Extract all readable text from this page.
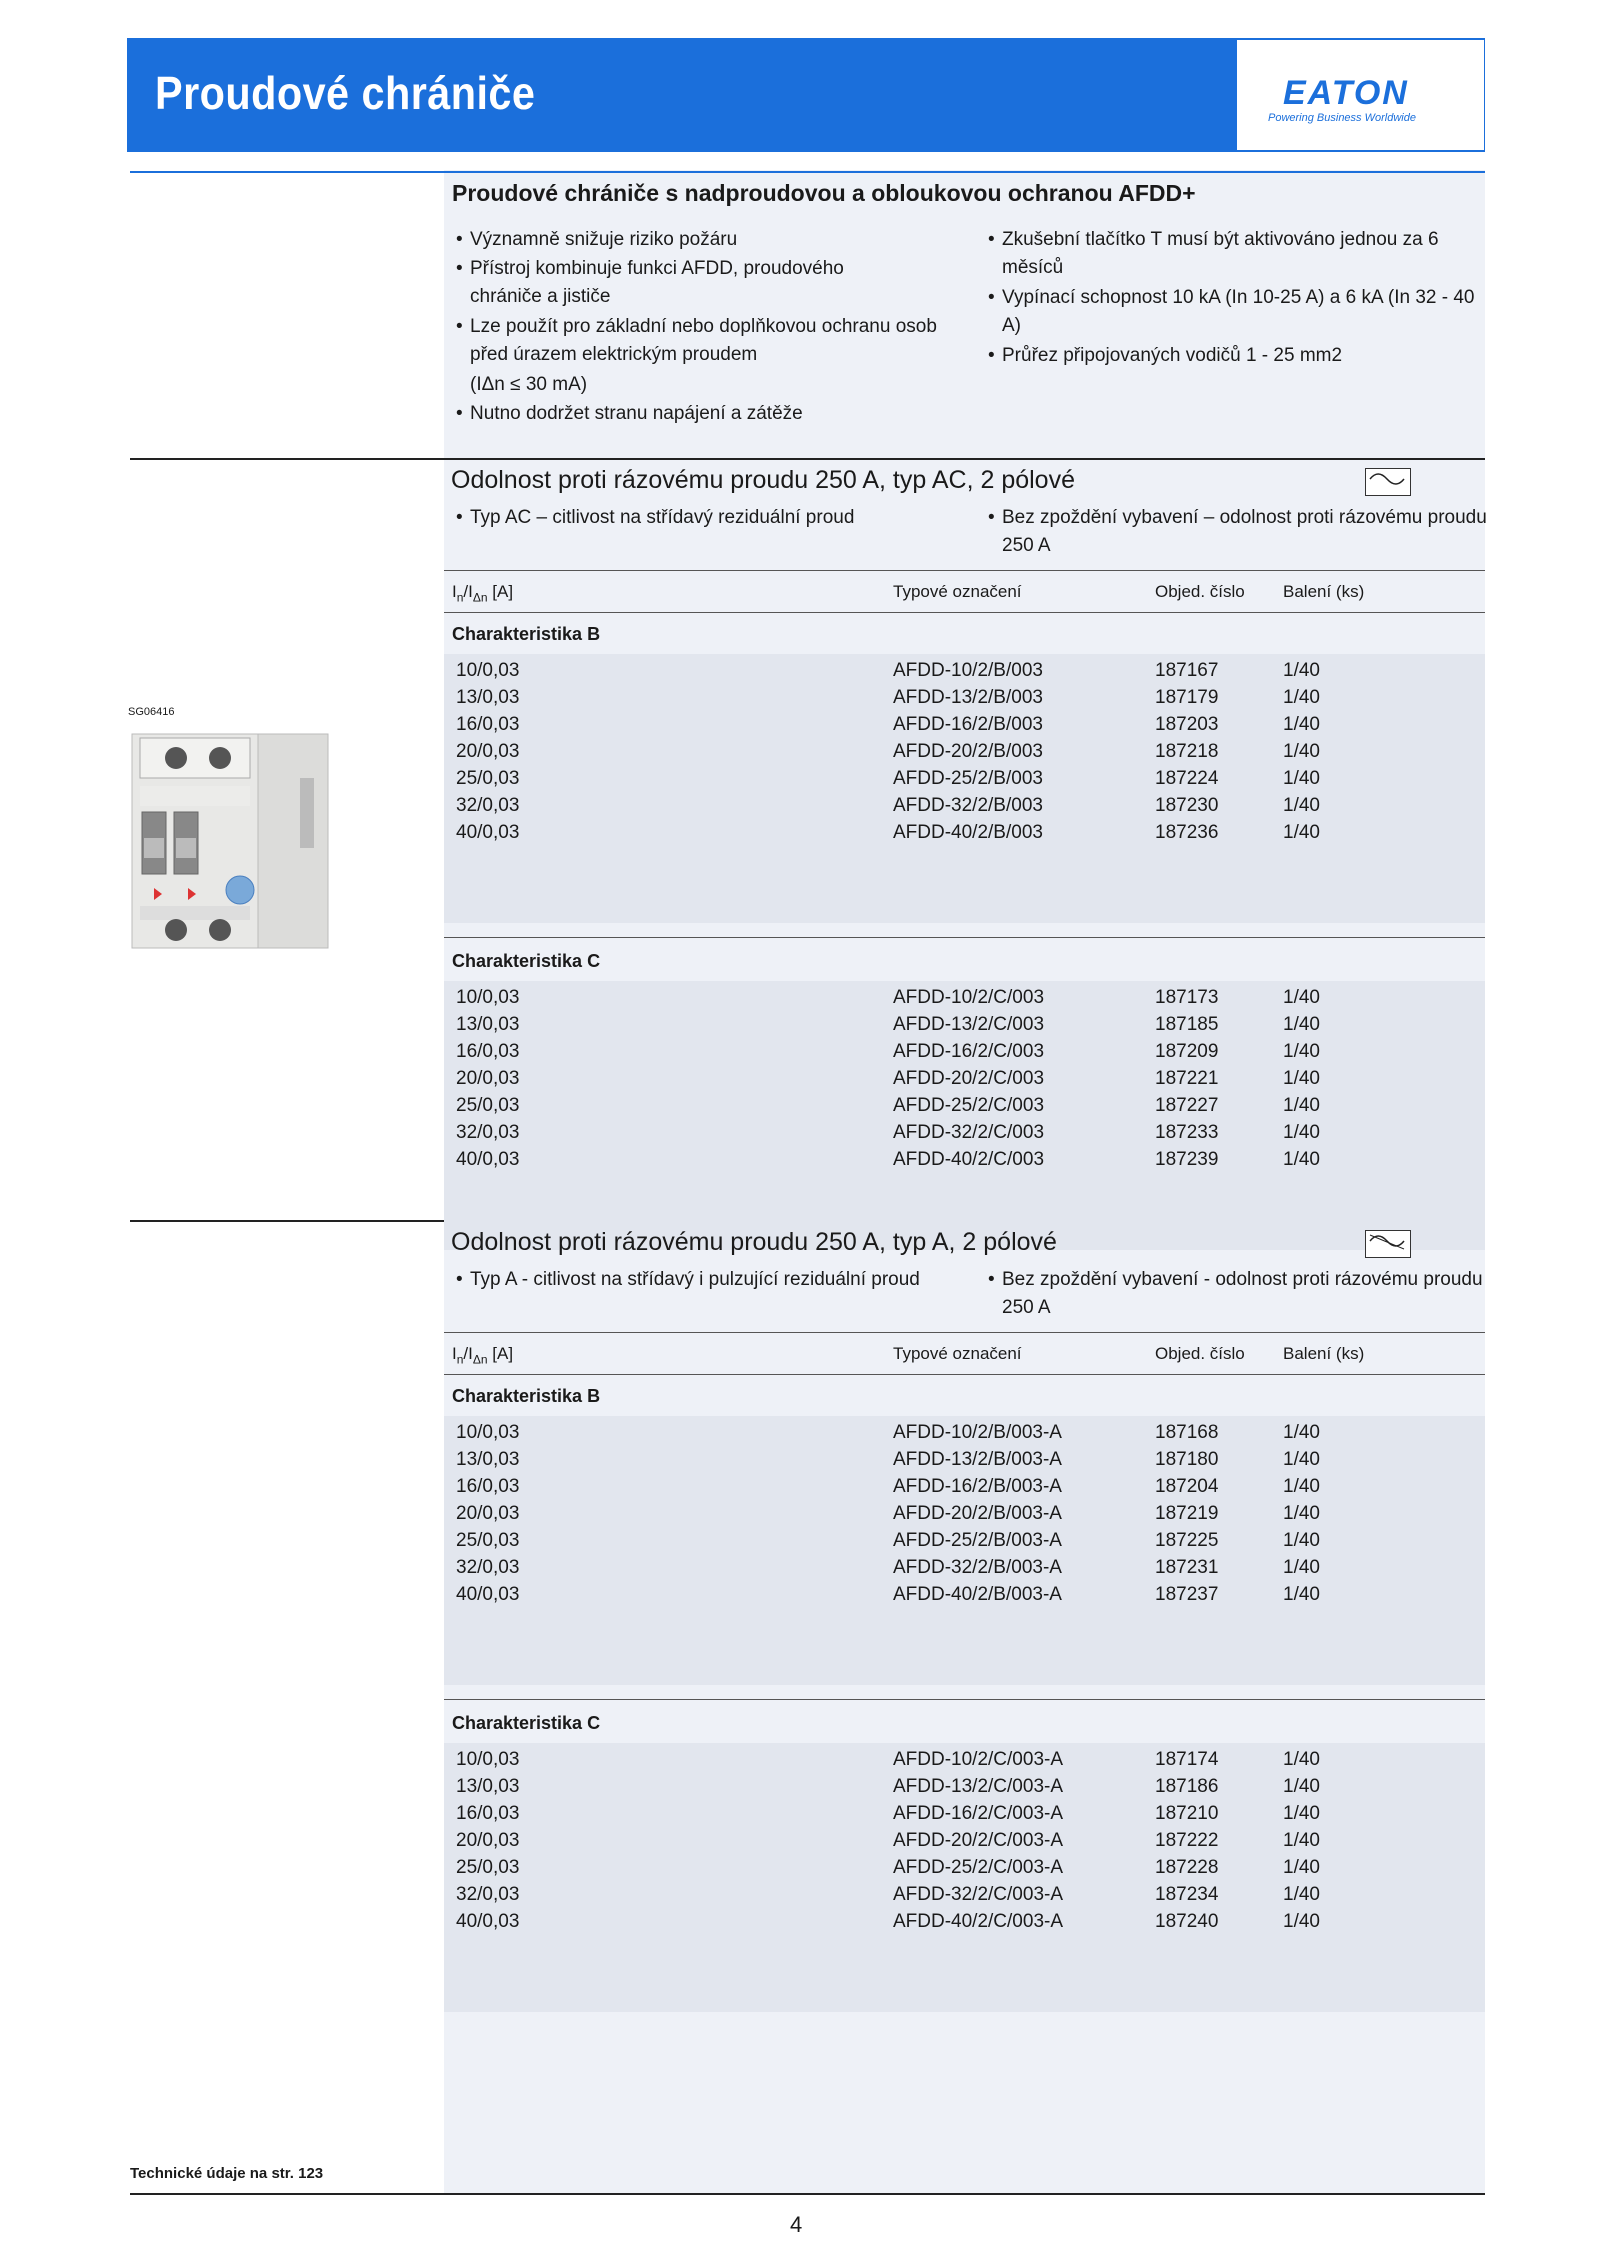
Proudové chrániče	EATON
Powering Business Worldwide
Proudové chrániče s nadproudovou a obloukovou ochranou AFDD+
• Významně snižuje riziko požáru
• Přístroj kombinuje funkci AFDD, proudového chrániče a jističe
• Lze použít pro základní nebo doplňkovou ochranu osob před úrazem elektrickým proudem
(IΔn ≤ 30 mA)
• Nutno dodržet stranu napájení a zátěže
• Zkušební tlačítko T musí být aktivováno jednou za 6 měsíců
• Vypínací schopnost 10 kA (In 10-25 A) a 6 kA (In 32 - 40 A)
• Průřez připojovaných vodičů 1 - 25 mm2
SG06416
Odolnost proti rázovému proudu 250 A, typ AC, 2 pólové
• Typ AC – citlivost na střídavý reziduální proud	• Bez zpoždění vybavení – odolnost proti rázovému proudu 250 A
$I_n/I_{\Delta n}$ [A]	Typové označení	Objed. číslo Balení (ks)
Charakteristika B
10/0,03	AFDD-10/2/B/003	187167	1/40
13/0,03	AFDD-13/2/B/003	187179	1/40
16/0,03	AFDD-16/2/B/003	187203	1/40
20/0,03	AFDD-20/2/B/003	187218	1/40
25/0,03	AFDD-25/2/B/003	187224	1/40
32/0,03	AFDD-32/2/B/003	187230	1/40
40/0,03	AFDD-40/2/B/003	187236	1/40
Charakteristika C
10/0,03	AFDD-10/2/C/003	187173	1/40
13/0,03	AFDD-13/2/C/003	187185	1/40
16/0,03	AFDD-16/2/C/003	187209	1/40
20/0,03	AFDD-20/2/C/003	187221	1/40
25/0,03	AFDD-25/2/C/003	187227	1/40
32/0,03	AFDD-32/2/C/003	187233	1/40
40/0,03	AFDD-40/2/C/003	187239	1/40
Odolnost proti rázovému proudu 250 A, typ A, 2 pólové
• Typ A - citlivost na střídavý i pulzující reziduální proud	• Bez zpoždění vybavení - odolnost proti rázovému proudu 250 A
$I_n/I_{\Delta n}$ [A]	Typové označení	Objed. číslo Balení (ks)
Charakteristika B
10/0,03	AFDD-10/2/B/003-A	187168	1/40
13/0,03	AFDD-13/2/B/003-A	187180	1/40
16/0,03	AFDD-16/2/B/003-A	187204	1/40
20/0,03	AFDD-20/2/B/003-A	187219	1/40
25/0,03	AFDD-25/2/B/003-A	187225	1/40
32/0,03	AFDD-32/2/B/003-A	187231	1/40
40/0,03	AFDD-40/2/B/003-A	187237	1/40
Charakteristika C
10/0,03	AFDD-10/2/C/003-A	187174	1/40
13/0,03	AFDD-13/2/C/003-A	187186	1/40
16/0,03	AFDD-16/2/C/003-A	187210	1/40
20/0,03	AFDD-20/2/C/003-A	187222	1/40
25/0,03	AFDD-25/2/C/003-A	187228	1/40
32/0,03	AFDD-32/2/C/003-A	187234	1/40
40/0,03	AFDD-40/2/C/003-A	187240	1/40
Technické údaje na str. 123
4
